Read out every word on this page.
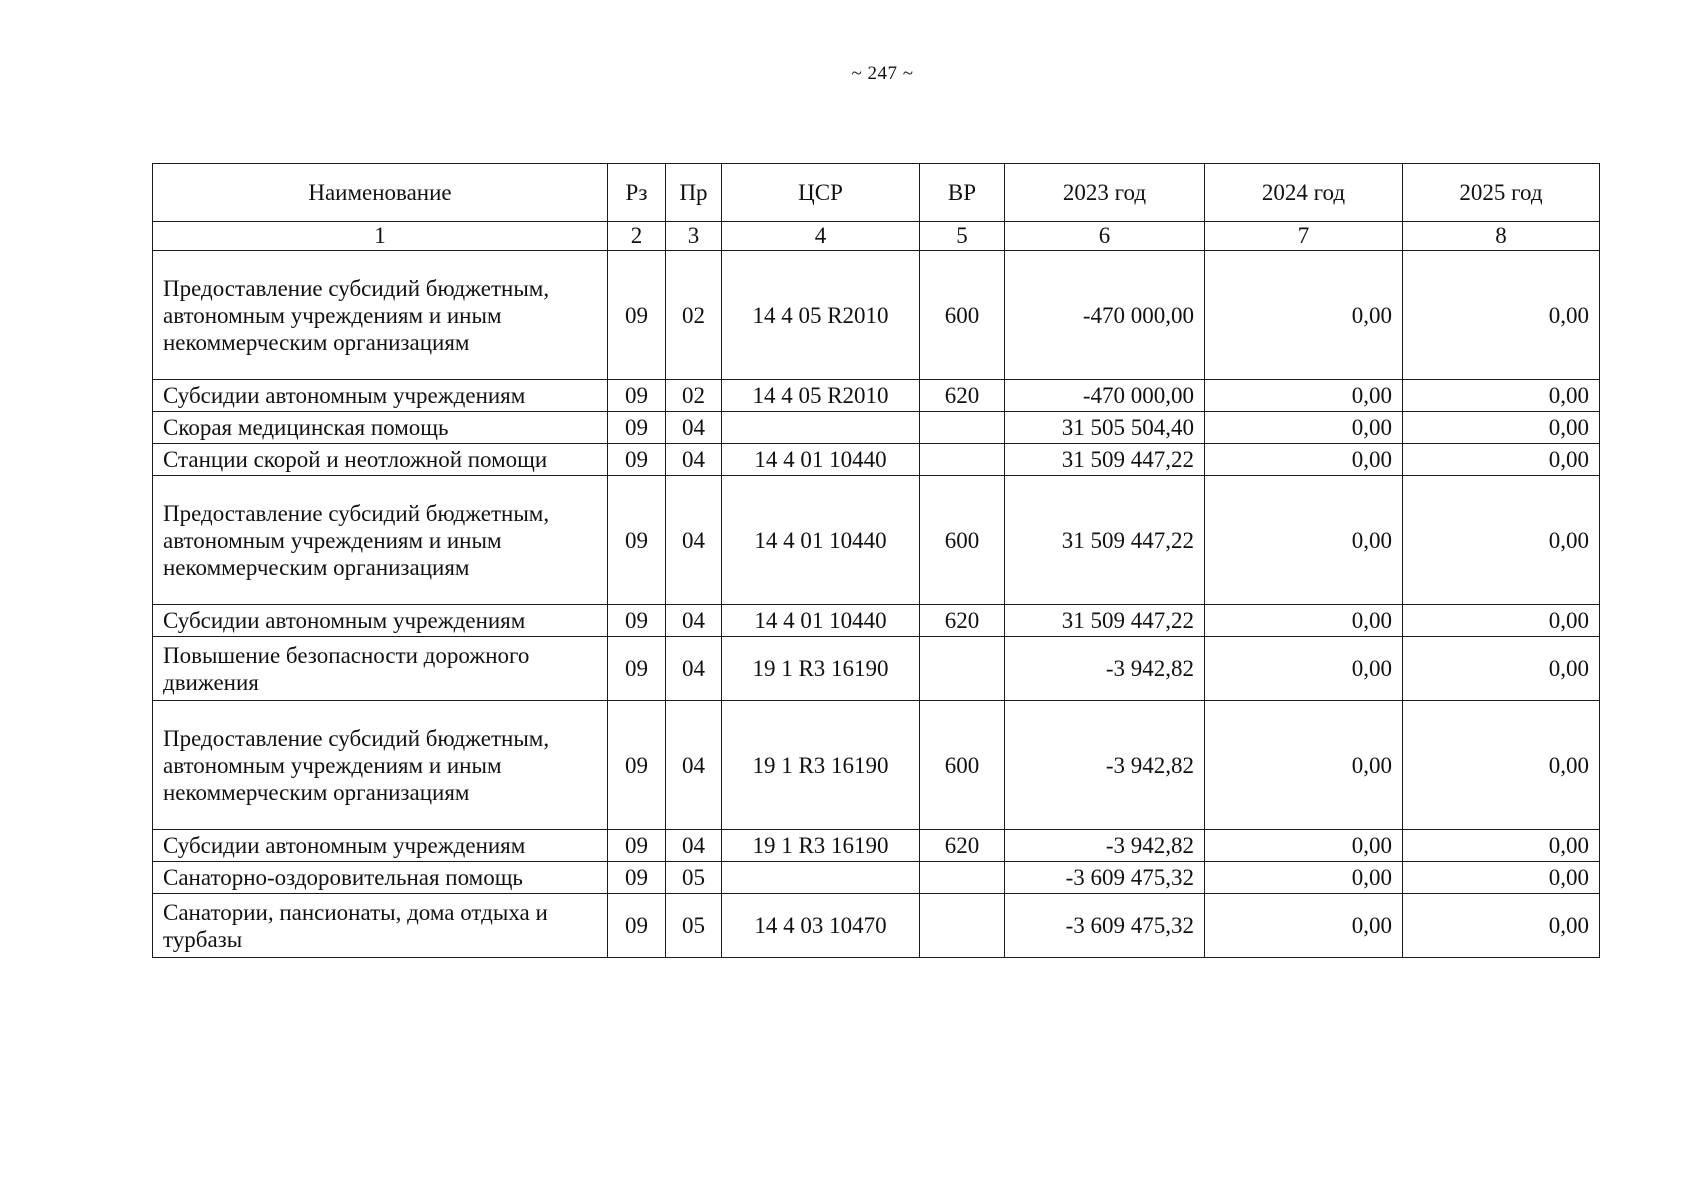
~ 247 ~
Наименование	Рз	Пр	ЦСР	ВР	2023 год	2024 год	2025 год
1	2	3	4	5	6	7	8
Предоставление субсидий бюджетным, автономным учреждениям и иным некоммерческим организациям	09	02	14 4 05 R2010	600	-470 000,00	0,00	0,00
Субсидии автономным учреждениям	09	02	14 4 05 R2010	620	-470 000,00	0,00	0,00
Скорая медицинская помощь	09	04			31 505 504,40	0,00	0,00
Станции скорой и неотложной помощи	09	04	14 4 01 10440		31 509 447,22	0,00	0,00
Предоставление субсидий бюджетным, автономным учреждениям и иным некоммерческим организациям	09	04	14 4 01 10440	600	31 509 447,22	0,00	0,00
Субсидии автономным учреждениям	09	04	14 4 01 10440	620	31 509 447,22	0,00	0,00
Повышение безопасности дорожного движения	09	04	19 1 R3 16190		-3 942,82	0,00	0,00
Предоставление субсидий бюджетным, автономным учреждениям и иным некоммерческим организациям	09	04	19 1 R3 16190	600	-3 942,82	0,00	0,00
Субсидии автономным учреждениям	09	04	19 1 R3 16190	620	-3 942,82	0,00	0,00
Санаторно-оздоровительная помощь	09	05			-3 609 475,32	0,00	0,00
Санатории, пансионаты, дома отдыха и турбазы	09	05	14 4 03 10470		-3 609 475,32	0,00	0,00
